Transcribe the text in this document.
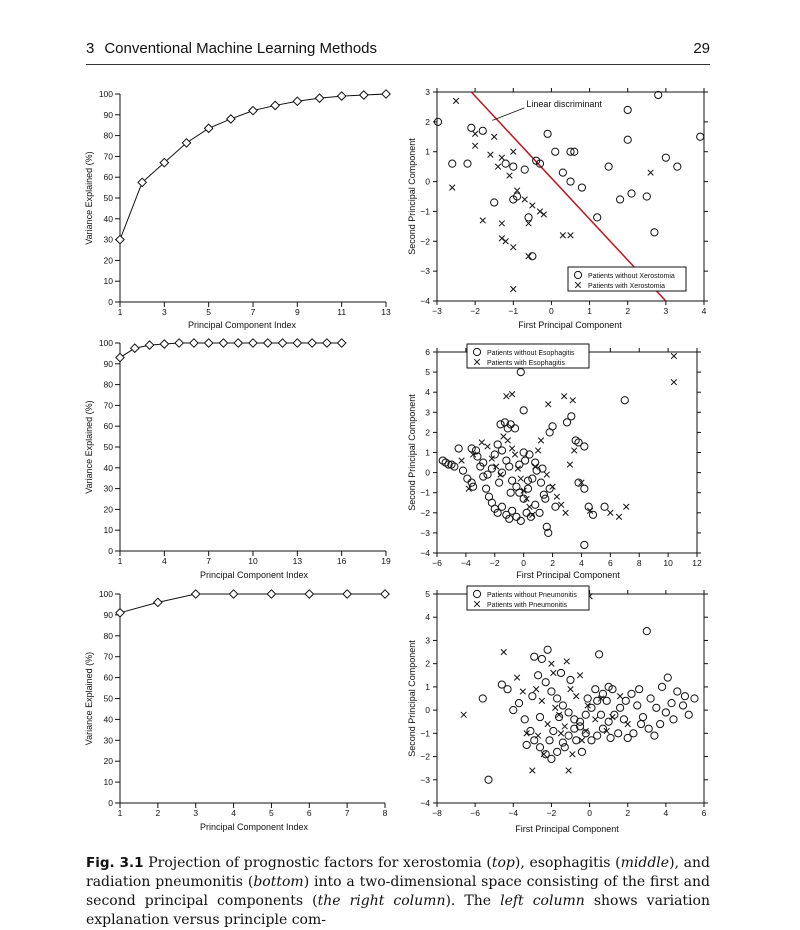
3 Conventional Machine Learning Methods	29
1	3	5	7	9	11	13
0
10
20
30
40
50
60
70
80
90
100
Principal Component Index
Variance Explained (%)
−3	−2	−1	0	1	2	3	4
−4
−3
−2
−1
0
1
2
3
First Principal Component
Second Principal Component
Linear discriminant
Patients without Xerostomia
Patients with Xerostomia
1	4	7	10	13	16	19
0
10
20
30
40
50
60
70
80
90
100
Principal Component Index
Variance Explained (%)
−6 −4 −2	0	2	4	6	8	10 12
−4
−3
−2
−1
0
1
2
3
4
5
6
First Principal Component
Second Principal Component
Patients without Esophagitis
Patients with Esophagitis
1	2	3	4	5	6	7	8
0
10
20
30
40
50
60
70
80
90
100
Principal Component Index
Variance Explained (%)
−8	−6	−4	−2	0	2	4	6
−4
−3
−2
−1
0
1
2
3
4
5
First Principal Component
Second Principal Component
Patients without Pneumonitis
Patients with Pneumonitis
Fig. 3.1 Projection of prognostic factors for xerostomia (top), esophagitis (middle), and radiation pneumonitis (bottom) into a two-dimensional space consisting of the first and second principal components (the right column). The left column shows variation explanation versus principle com-
